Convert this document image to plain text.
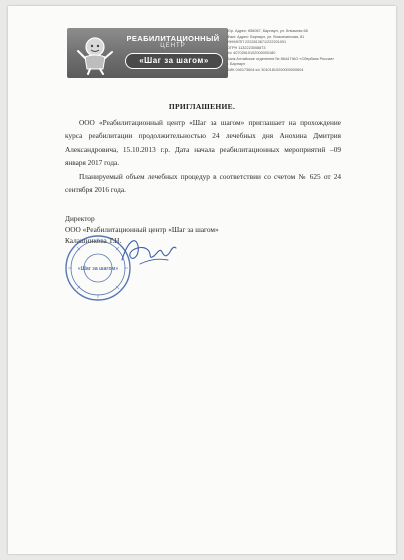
РЕАБИЛИТАЦИОННЫЙ
ЦЕНТР
«Шаг за шагом»
Юр. Адрес: 656067, Барнаул, ул. Клязьная 68
Факт. Адрес: Барнаул, ул. Власихинская, 81
ИНН/КПП 2222813671/222201001
ОГРН 1132223008873
р/с 40702810102000000180
Банк Алтайское отделение № 8644 ПАО «Сбербанк России»
г. Барнаул
БИК 040173604 к/с 30101810200000000604
ПРИГЛАШЕНИЕ.

ООО «Реабилитационный центр «Шаг за шагом» приглашает на прохождение курса реабилитации продолжительностью 24 лечебных дня Анохина Дмитрия Александровича, 15.10.2013 г.р. Дата начала реабилитационных мероприятий –09 января 2017 года.

Планируемый объем лечебных процедур в соответствии со счетом № 625 от 24 сентября 2016 года.

Директор
ООО «Реабилитационный центр «Шаг за шагом»
Калашникова Т.Н.
«Шаг за шагом»
